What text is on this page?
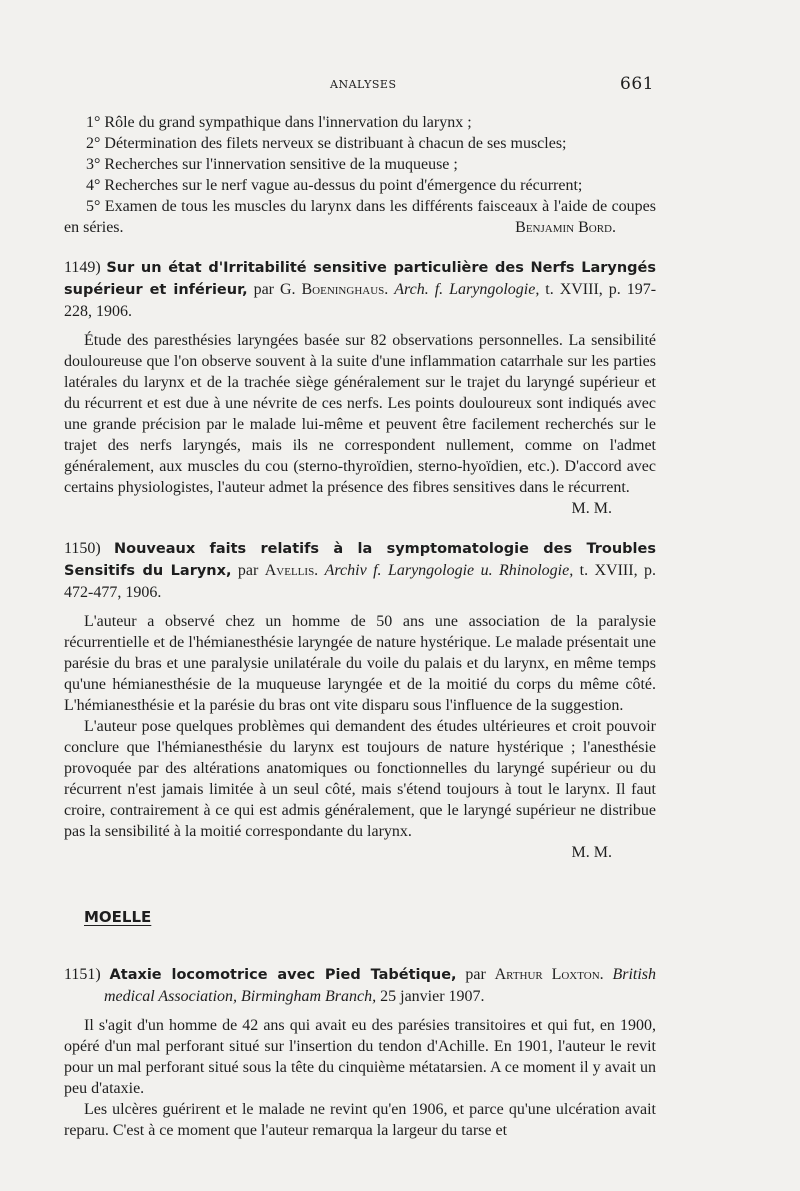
ANALYSES	661
1° Rôle du grand sympathique dans l'innervation du larynx ;
2° Détermination des filets nerveux se distribuant à chacun de ses muscles;
3° Recherches sur l'innervation sensitive de la muqueuse ;
4° Recherches sur le nerf vague au-dessus du point d'émergence du récurrent;
5° Examen de tous les muscles du larynx dans les différents faisceaux à l'aide de coupes en séries.	Benjamin Bord.
1149) Sur un état d'Irritabilité sensitive particulière des Nerfs Laryngés supérieur et inférieur, par G. Boeninghaus. Arch. f. Laryngologie, t. XVIII, p. 197-228, 1906.
Étude des paresthésies laryngées basée sur 82 observations personnelles. La sensibilité douloureuse que l'on observe souvent à la suite d'une inflammation catarrhale sur les parties latérales du larynx et de la trachée siège généralement sur le trajet du laryngé supérieur et du récurrent et est due à une névrite de ces nerfs. Les points douloureux sont indiqués avec une grande précision par le malade lui-même et peuvent être facilement recherchés sur le trajet des nerfs laryngés, mais ils ne correspondent nullement, comme on l'admet généralement, aux muscles du cou (sterno-thyroïdien, sterno-hyoïdien, etc.). D'accord avec certains physiologistes, l'auteur admet la présence des fibres sensitives dans le récurrent.
M. M.
1150) Nouveaux faits relatifs à la symptomatologie des Troubles Sensitifs du Larynx, par Avellis. Archiv f. Laryngologie u. Rhinologie, t. XVIII, p. 472-477, 1906.
L'auteur a observé chez un homme de 50 ans une association de la paralysie récurrentielle et de l'hémianesthésie laryngée de nature hystérique. Le malade présentait une parésie du bras et une paralysie unilatérale du voile du palais et du larynx, en même temps qu'une hémianesthésie de la muqueuse laryngée et de la moitié du corps du même côté. L'hémianesthésie et la parésie du bras ont vite disparu sous l'influence de la suggestion.
L'auteur pose quelques problèmes qui demandent des études ultérieures et croit pouvoir conclure que l'hémianesthésie du larynx est toujours de nature hystérique ; l'anesthésie provoquée par des altérations anatomiques ou fonctionnelles du laryngé supérieur ou du récurrent n'est jamais limitée à un seul côté, mais s'étend toujours à tout le larynx. Il faut croire, contrairement à ce qui est admis généralement, que le laryngé supérieur ne distribue pas la sensibilité à la moitié correspondante du larynx.
M. M.
MOELLE
1151) Ataxie locomotrice avec Pied Tabétique, par Arthur Loxton. British medical Association, Birmingham Branch, 25 janvier 1907.
Il s'agit d'un homme de 42 ans qui avait eu des parésies transitoires et qui fut, en 1900, opéré d'un mal perforant situé sur l'insertion du tendon d'Achille. En 1901, l'auteur le revit pour un mal perforant situé sous la tête du cinquième métatarsien. A ce moment il y avait un peu d'ataxie.
Les ulcères guérirent et le malade ne revint qu'en 1906, et parce qu'une ulcération avait reparu. C'est à ce moment que l'auteur remarqua la largeur du tarse et
